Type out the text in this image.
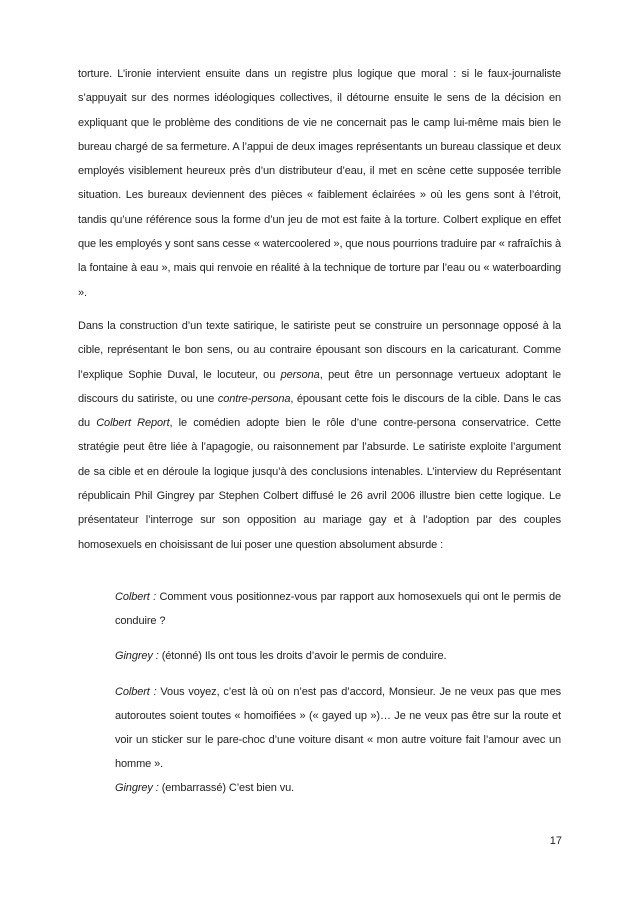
torture. L’ironie intervient ensuite dans un registre plus logique que moral : si le faux-journaliste s’appuyait sur des normes idéologiques collectives, il détourne ensuite le sens de la décision en expliquant que le problème des conditions de vie ne concernait pas le camp lui-même mais bien le bureau chargé de sa fermeture. A l’appui de deux images représentants un bureau classique et deux employés visiblement heureux près d’un distributeur d’eau, il met en scène cette supposée terrible situation. Les bureaux deviennent des pièces « faiblement éclairées » où les gens sont à l’étroit, tandis qu’une référence sous la forme d’un jeu de mot est faite à la torture. Colbert explique en effet que les employés y sont sans cesse « watercoolered », que nous pourrions traduire par « rafraîchis à la fontaine à eau », mais qui renvoie en réalité à la technique de torture par l’eau ou « waterboarding ».

Dans la construction d’un texte satirique, le satiriste peut se construire un personnage opposé à la cible, représentant le bon sens, ou au contraire épousant son discours en la caricaturant. Comme l’explique Sophie Duval, le locuteur, ou persona, peut être un personnage vertueux adoptant le discours du satiriste, ou une contre-persona, épousant cette fois le discours de la cible. Dans le cas du Colbert Report, le comédien adopte bien le rôle d’une contre-persona conservatrice. Cette stratégie peut être liée à l’apagogie, ou raisonnement par l’absurde. Le satiriste exploite l’argument de sa cible et en déroule la logique jusqu’à des conclusions intenables. L’interview du Représentant républicain Phil Gingrey par Stephen Colbert diffusé le 26 avril 2006 illustre bien cette logique. Le présentateur l’interroge sur son opposition au mariage gay et à l’adoption par des couples homosexuels en choisissant de lui poser une question absolument absurde :

Colbert : Comment vous positionnez-vous par rapport aux homosexuels qui ont le permis de conduire ?

Gingrey : (étonné) Ils ont tous les droits d’avoir le permis de conduire.

Colbert : Vous voyez, c’est là où on n’est pas d’accord, Monsieur. Je ne veux pas que mes autoroutes soient toutes « homoifiées » (« gayed up »)… Je ne veux pas être sur la route et voir un sticker sur le pare-choc d’une voiture disant « mon autre voiture fait l’amour avec un homme ».

Gingrey : (embarrassé) C’est bien vu.

17
